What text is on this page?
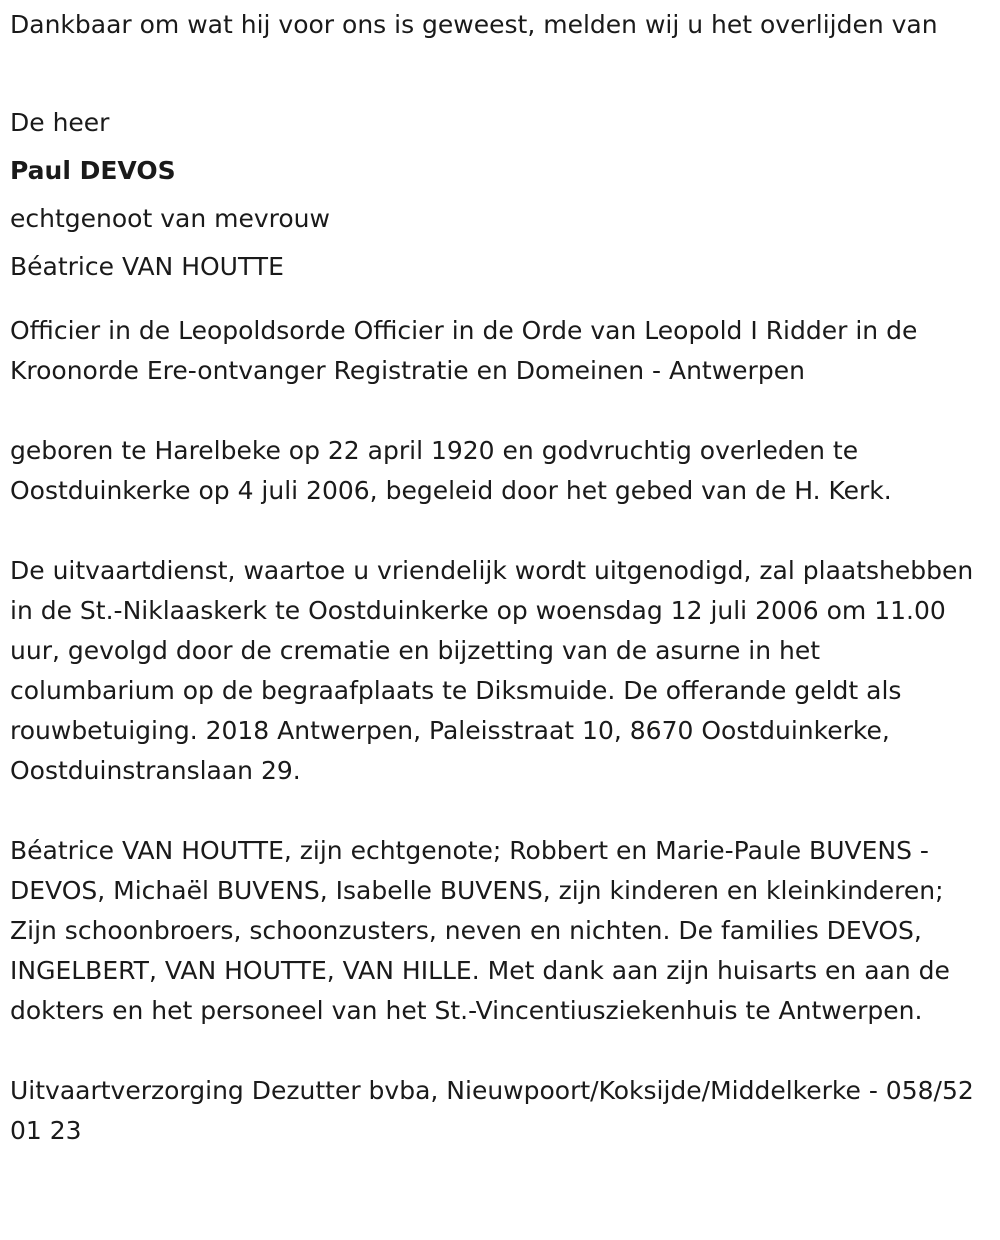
Dankbaar om wat hij voor ons is geweest, melden wij u het overlijden van

De heer
Paul DEVOS
echtgenoot van mevrouw
Béatrice VAN HOUTTE

Officier in de Leopoldsorde Officier in de Orde van Leopold I Ridder in de Kroonorde Ere-ontvanger Registratie en Domeinen - Antwerpen

geboren te Harelbeke op 22 april 1920 en godvruchtig overleden te Oostduinkerke op 4 juli 2006, begeleid door het gebed van de H. Kerk.

De uitvaartdienst, waartoe u vriendelijk wordt uitgenodigd, zal plaatshebben in de St.-Niklaaskerk te Oostduinkerke op woensdag 12 juli 2006 om 11.00 uur, gevolgd door de crematie en bijzetting van de asurne in het columbarium op de begraafplaats te Diksmuide. De offerande geldt als rouwbetuiging. 2018 Antwerpen, Paleisstraat 10, 8670 Oostduinkerke, Oostduinstranslaan 29.

Béatrice VAN HOUTTE, zijn echtgenote; Robbert en Marie-Paule BUVENS - DEVOS, Michaël BUVENS, Isabelle BUVENS, zijn kinderen en kleinkinderen; Zijn schoonbroers, schoonzusters, neven en nichten. De families DEVOS, INGELBERT, VAN HOUTTE, VAN HILLE. Met dank aan zijn huisarts en aan de dokters en het personeel van het St.-Vincentiusziekenhuis te Antwerpen.

Uitvaartverzorging Dezutter bvba, Nieuwpoort/Koksijde/Middelkerke - 058/52 01 23
